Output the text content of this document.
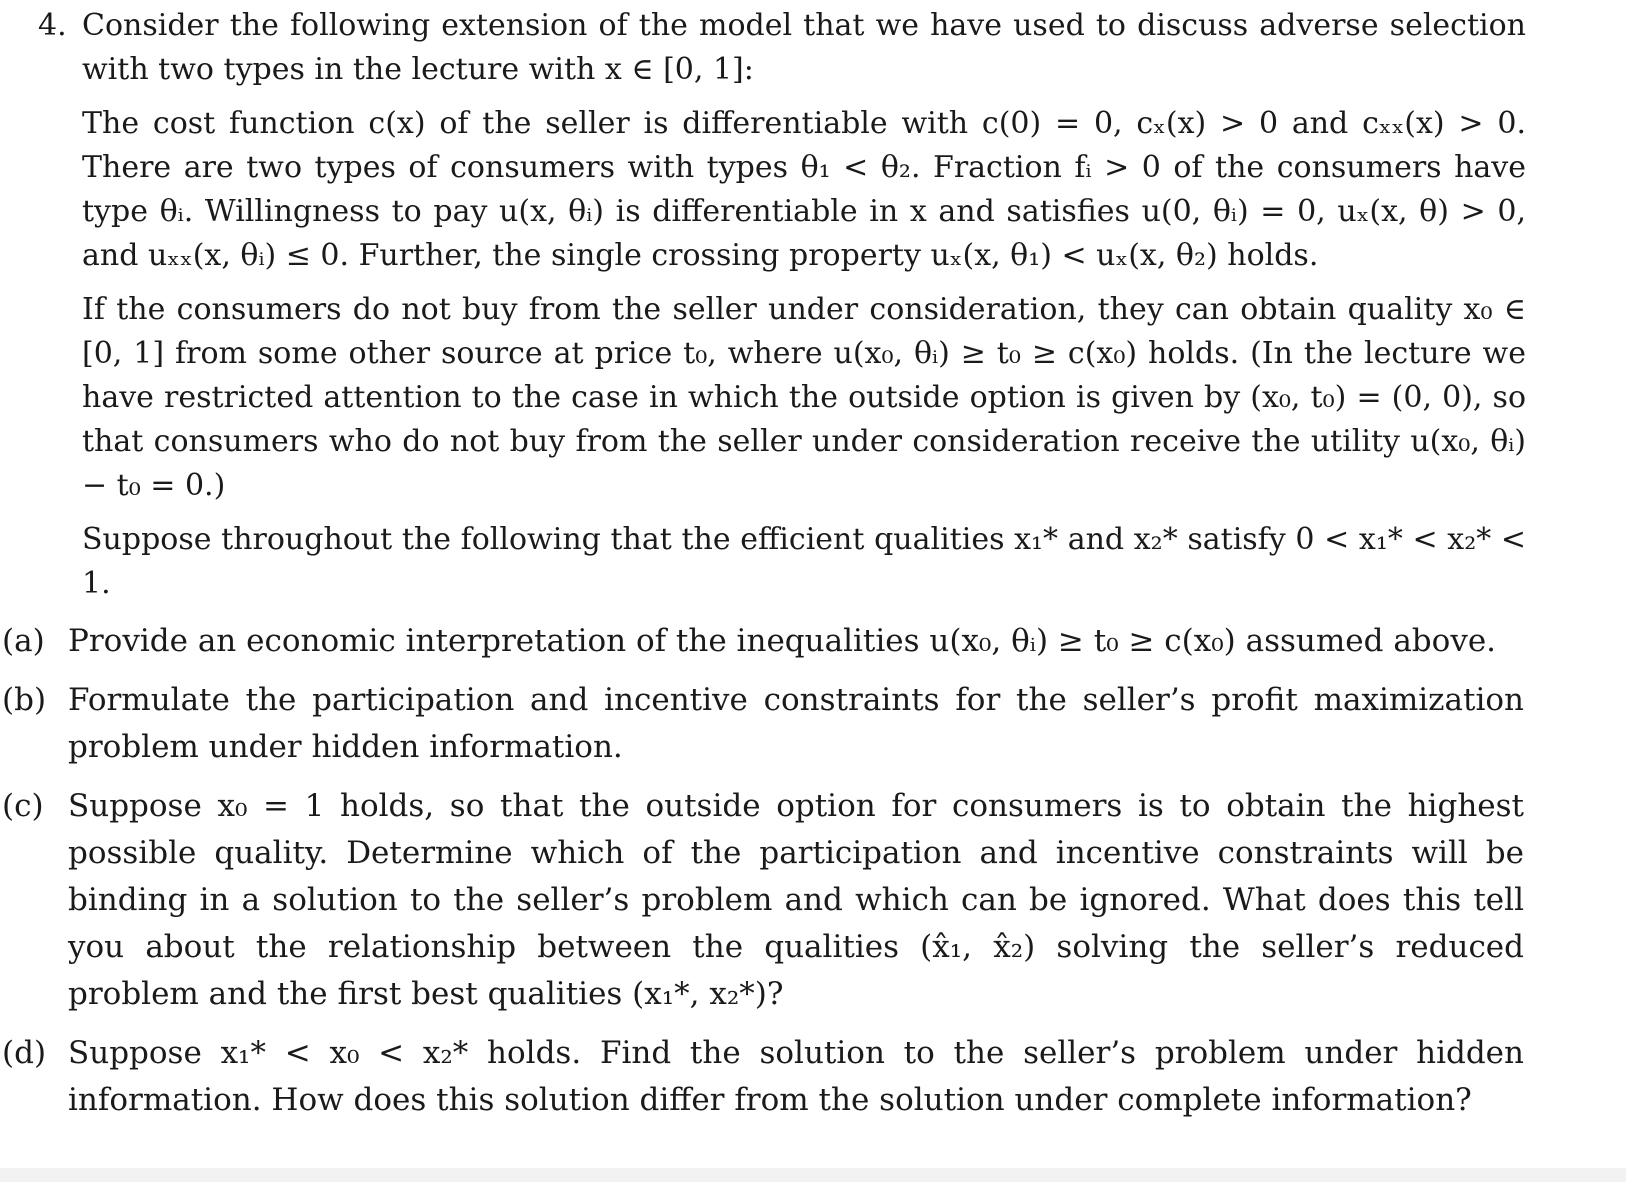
4. Consider the following extension of the model that we have used to discuss adverse selection with two types in the lecture with x ∈ [0, 1]:

The cost function c(x) of the seller is differentiable with c(0) = 0, cₓ(x) > 0 and cₓₓ(x) > 0. There are two types of consumers with types θ₁ < θ₂. Fraction fᵢ > 0 of the consumers have type θᵢ. Willingness to pay u(x, θᵢ) is differentiable in x and satisfies u(0, θᵢ) = 0, uₓ(x, θ) > 0, and uₓₓ(x, θᵢ) ≤ 0. Further, the single crossing property uₓ(x, θ₁) < uₓ(x, θ₂) holds.

If the consumers do not buy from the seller under consideration, they can obtain quality x₀ ∈ [0, 1] from some other source at price t₀, where u(x₀, θᵢ) ≥ t₀ ≥ c(x₀) holds. (In the lecture we have restricted attention to the case in which the outside option is given by (x₀, t₀) = (0, 0), so that consumers who do not buy from the seller under consideration receive the utility u(x₀, θᵢ) − t₀ = 0.)

Suppose throughout the following that the efficient qualities x₁* and x₂* satisfy 0 < x₁* < x₂* < 1.

(a) Provide an economic interpretation of the inequalities u(x₀, θᵢ) ≥ t₀ ≥ c(x₀) assumed above.
(b) Formulate the participation and incentive constraints for the seller’s profit maximization problem under hidden information.
(c) Suppose x₀ = 1 holds, so that the outside option for consumers is to obtain the highest possible quality. Determine which of the participation and incentive constraints will be binding in a solution to the seller’s problem and which can be ignored. What does this tell you about the relationship between the qualities (x̂₁, x̂₂) solving the seller’s reduced problem and the first best qualities (x₁*, x₂*)?
(d) Suppose x₁* < x₀ < x₂* holds. Find the solution to the seller’s problem under hidden information. How does this solution differ from the solution under complete information?
